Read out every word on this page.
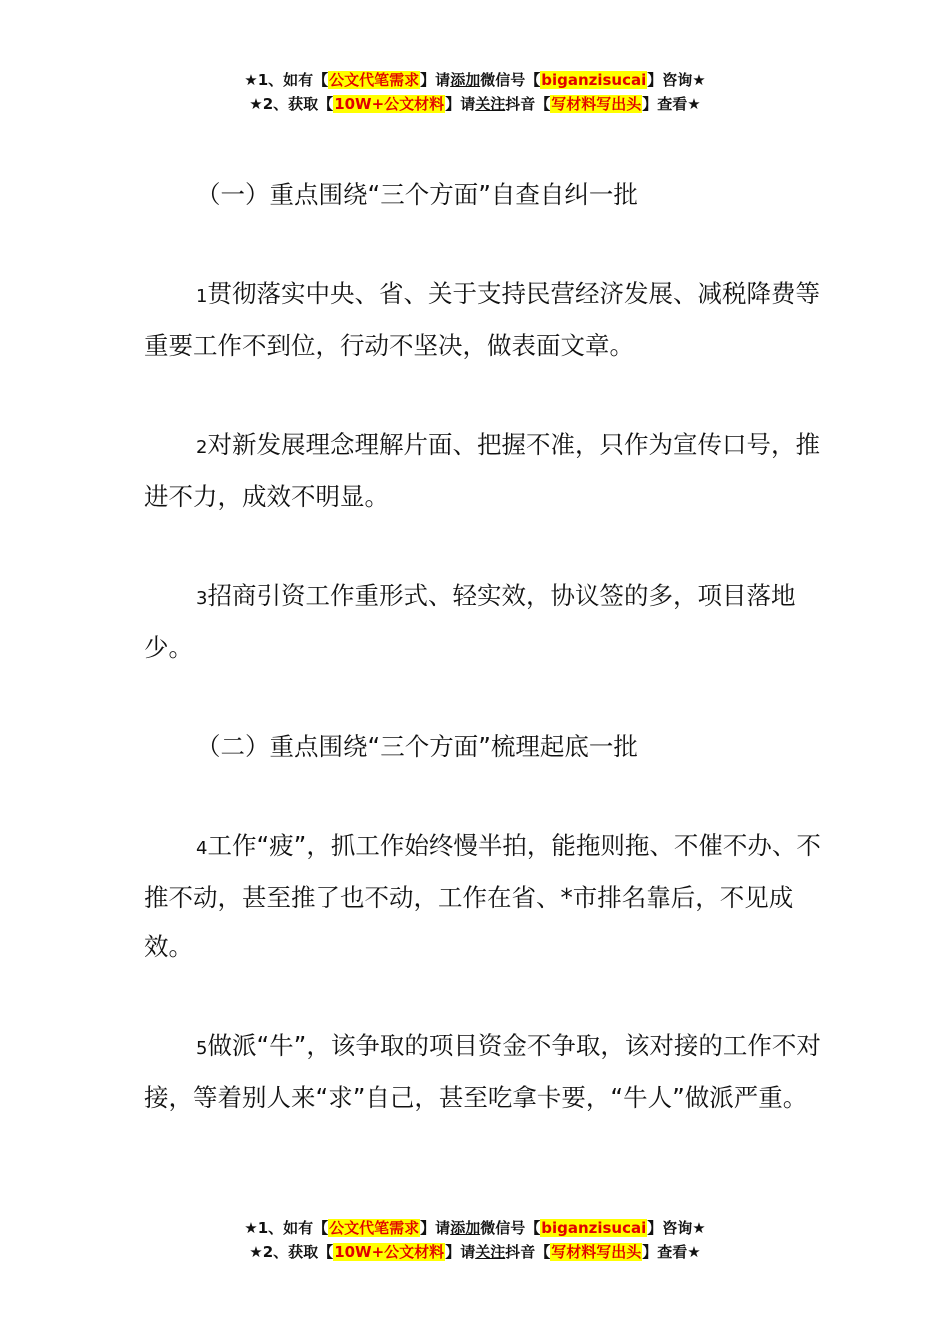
★1、如有【公文代笔需求】请添加微信号【biganzisucai】咨询★
★2、获取【10W+公文材料】请关注抖音【写材料写出头】查看★

（一）重点围绕“三个方面”自查自纠一批

1贯彻落实中央、省、关于支持民营经济发展、减税降费等重要工作不到位，行动不坚决，做表面文章。

2对新发展理念理解片面、把握不准，只作为宣传口号，推进不力，成效不明显。

3招商引资工作重形式、轻实效，协议签的多，项目落地少。

（二）重点围绕“三个方面”梳理起底一批

4工作“疲”，抓工作始终慢半拍，能拖则拖、不催不办、不推不动，甚至推了也不动，工作在省、*市排名靠后，不见成效。

5做派“牛”，该争取的项目资金不争取，该对接的工作不对接，等着别人来“求”自己，甚至吃拿卡要，“牛人”做派严重。

★1、如有【公文代笔需求】请添加微信号【biganzisucai】咨询★
★2、获取【10W+公文材料】请关注抖音【写材料写出头】查看★
